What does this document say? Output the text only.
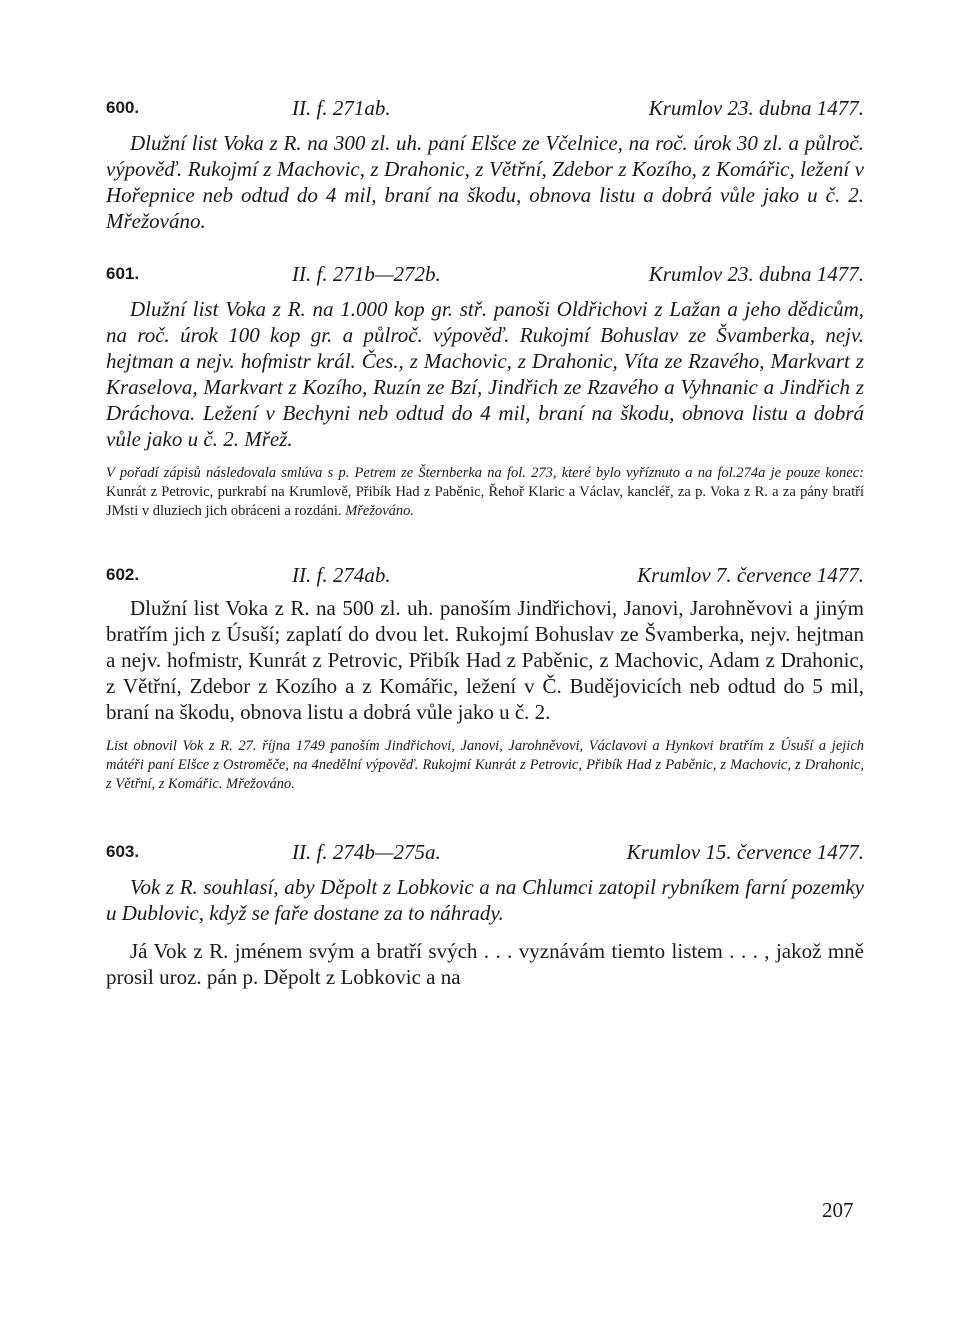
600.	II. f. 271ab.	Krumlov 23. dubna 1477.

Dlužní list Voka z R. na 300 zl. uh. paní Elšce ze Včelnice, na roč. úrok 30 zl. a půlroč. výpověď. Rukojmí z Machovic, z Drahonic, z Větřní, Zdebor z Kozího, z Komářic, ležení v Hořepnice neb odtud do 4 mil, braní na škodu, obnova listu a dobrá vůle jako u č. 2. Mřežováno.

601.	II. f. 271b—272b.	Krumlov 23. dubna 1477.

Dlužní list Voka z R. na 1.000 kop gr. stř. panoši Oldřichovi z Lažan a jeho dědicům, na roč. úrok 100 kop gr. a půlroč. výpověď. Rukojmí Bohuslav ze Švamberka, nejv. hejtman a nejv. hofmistr král. Čes., z Machovic, z Drahonic, Víta ze Rzavého, Markvart z Kraselova, Markvart z Kozího, Ruzín ze Bzí, Jindřich ze Rzavého a Vyhnanic a Jindřich z Dráchova. Ležení v Bechyni neb odtud do 4 mil, braní na škodu, obnova listu a dobrá vůle jako u č. 2. Mřež.

V pořadí zápisů následovala smlúva s p. Petrem ze Šternberka na fol. 273, které bylo vyříznuto a na fol.274a je pouze konec: Kunrát z Petrovic, purkrabí na Krumlově, Přibík Had z Paběnic, Řehoř Klaric a Václav, kancléř, za p. Voka z R. a za pány bratří JMsti v dluziech jich obráceni a rozdáni. Mřežováno.

602.	II. f. 274ab.	Krumlov 7. července 1477.

Dlužní list Voka z R. na 500 zl. uh. panoším Jindřichovi, Janovi, Jarohněvovi a jiným bratřím jich z Úsuší; zaplatí do dvou let. Rukojmí Bohuslav ze Švamberka, nejv. hejtman a nejv. hofmistr, Kunrát z Petrovic, Přibík Had z Paběnic, z Machovic, Adam z Drahonic, z Větřní, Zdebor z Kozího a z Komářic, ležení v Č. Budějovicích neb odtud do 5 mil, braní na škodu, obnova listu a dobrá vůle jako u č. 2.

List obnovil Vok z R. 27. října 1749 panoším Jindřichovi, Janovi, Jarohněvovi, Václavovi a Hynkovi bratřím z Úsuší a jejich mátéři paní Elšce z Ostroměče, na 4nedělní výpověď. Rukojmí Kunrát z Petrovic, Přibík Had z Paběnic, z Machovic, z Drahonic, z Větřní, z Komářic. Mřežováno.

603.	II. f. 274b—275a.	Krumlov 15. července 1477.

Vok z R. souhlasí, aby Děpolt z Lobkovic a na Chlumci zatopil rybníkem farní pozemky u Dublovic, když se faře dostane za to náhrady.

Já Vok z R. jménem svým a bratří svých . . . vyznávám tiemto listem . . . , jakož mně prosil uroz. pán p. Děpolt z Lobkovic a na

207
